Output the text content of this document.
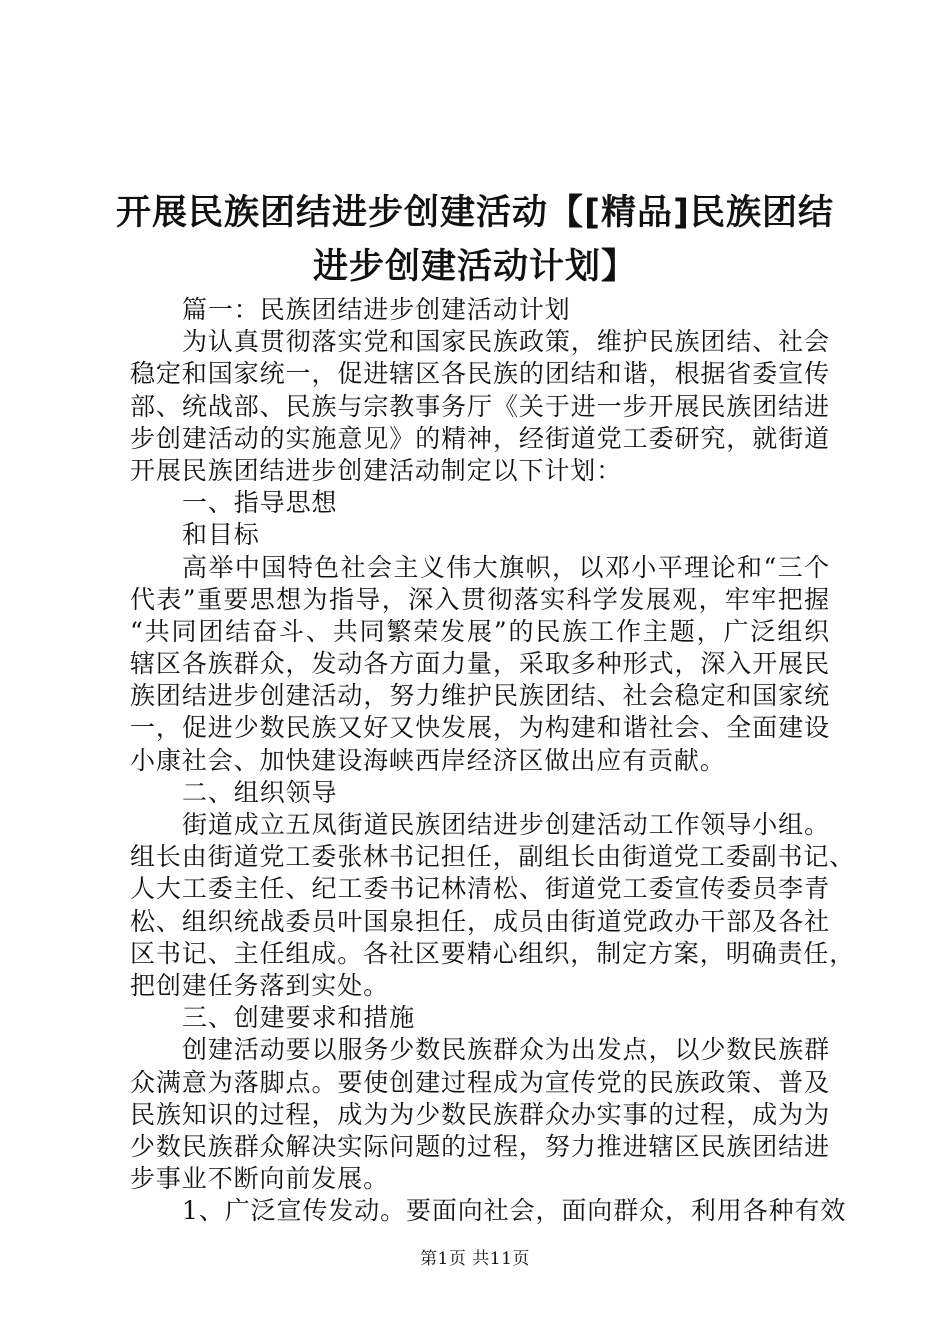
开展民族团结进步创建活动【[精品]民族团结
进步创建活动计划】
篇一：民族团结进步创建活动计划
为认真贯彻落实党和国家民族政策，维护民族团结、社会
稳定和国家统一，促进辖区各民族的团结和谐，根据省委宣传
部、统战部、民族与宗教事务厅《关于进一步开展民族团结进
步创建活动的实施意见》的精神，经街道党工委研究，就街道
开展民族团结进步创建活动制定以下计划：
一、指导思想
和目标
高举中国特色社会主义伟大旗帜，以邓小平理论和“三个
代表”重要思想为指导，深入贯彻落实科学发展观，牢牢把握
“共同团结奋斗、共同繁荣发展”的民族工作主题，广泛组织
辖区各族群众，发动各方面力量，采取多种形式，深入开展民
族团结进步创建活动，努力维护民族团结、社会稳定和国家统
一，促进少数民族又好又快发展，为构建和谐社会、全面建设
小康社会、加快建设海峡西岸经济区做出应有贡献。
二、组织领导
街道成立五凤街道民族团结进步创建活动工作领导小组。
组长由街道党工委张林书记担任，副组长由街道党工委副书记、
人大工委主任、纪工委书记林清松、街道党工委宣传委员李青
松、组织统战委员叶国泉担任，成员由街道党政办干部及各社
区书记、主任组成。各社区要精心组织，制定方案，明确责任，
把创建任务落到实处。
三、创建要求和措施
创建活动要以服务少数民族群众为出发点，以少数民族群
众满意为落脚点。要使创建过程成为宣传党的民族政策、普及
民族知识的过程，成为为少数民族群众办实事的过程，成为为
少数民族群众解决实际问题的过程，努力推进辖区民族团结进
步事业不断向前发展。
1、广泛宣传发动。要面向社会，面向群众，利用各种有效
第1页 共11页
